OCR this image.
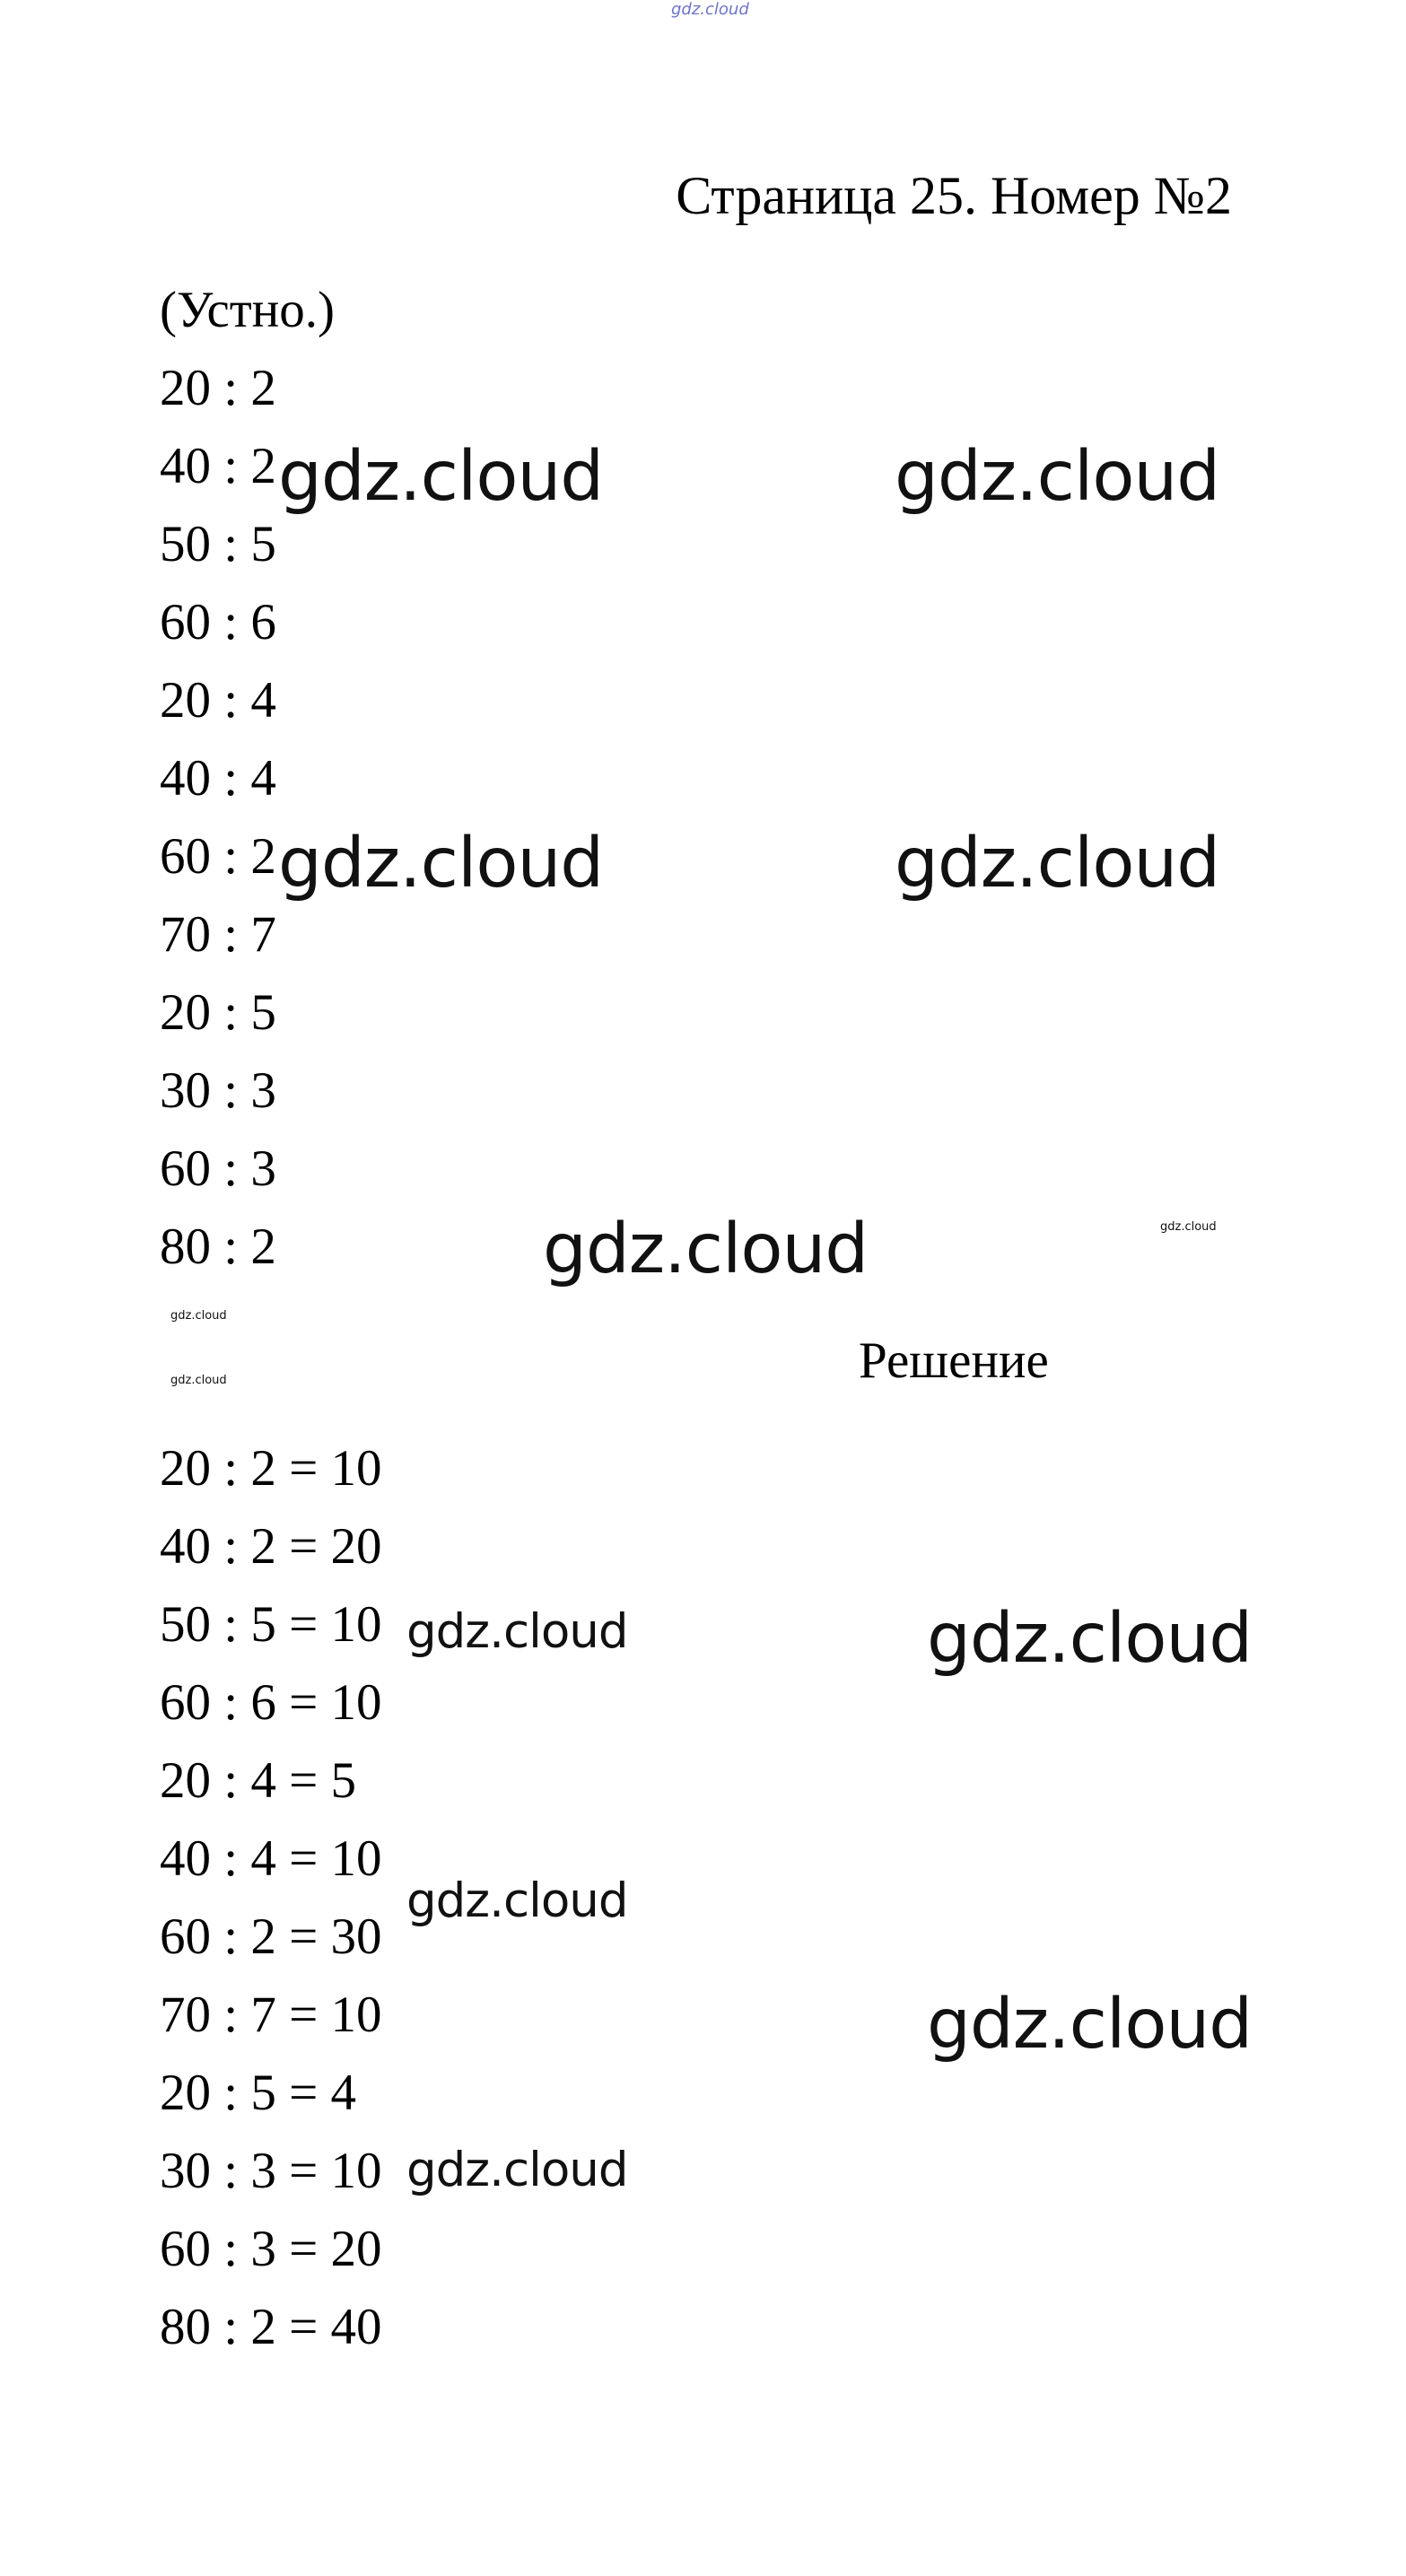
gdz.cloud
Страница 25. Номер №2
(Устно.)
20 : 2
40 : 2
50 : 5
60 : 6
20 : 4
40 : 4
60 : 2
70 : 7
20 : 5
30 : 3
60 : 3
80 : 2
Решение
20 : 2 = 10
40 : 2 = 20
50 : 5 = 10
60 : 6 = 10
20 : 4 = 5
40 : 4 = 10
60 : 2 = 30
70 : 7 = 10
20 : 5 = 4
30 : 3 = 10
60 : 3 = 20
80 : 2 = 40
gdz.cloud	gdz.cloud
gdz.cloud	gdz.cloud
gdz.cloud	gdz.cloud
gdz.cloud
gdz.cloud
gdz.cloud	gdz.cloud
gdz.cloud
gdz.cloud
gdz.cloud
